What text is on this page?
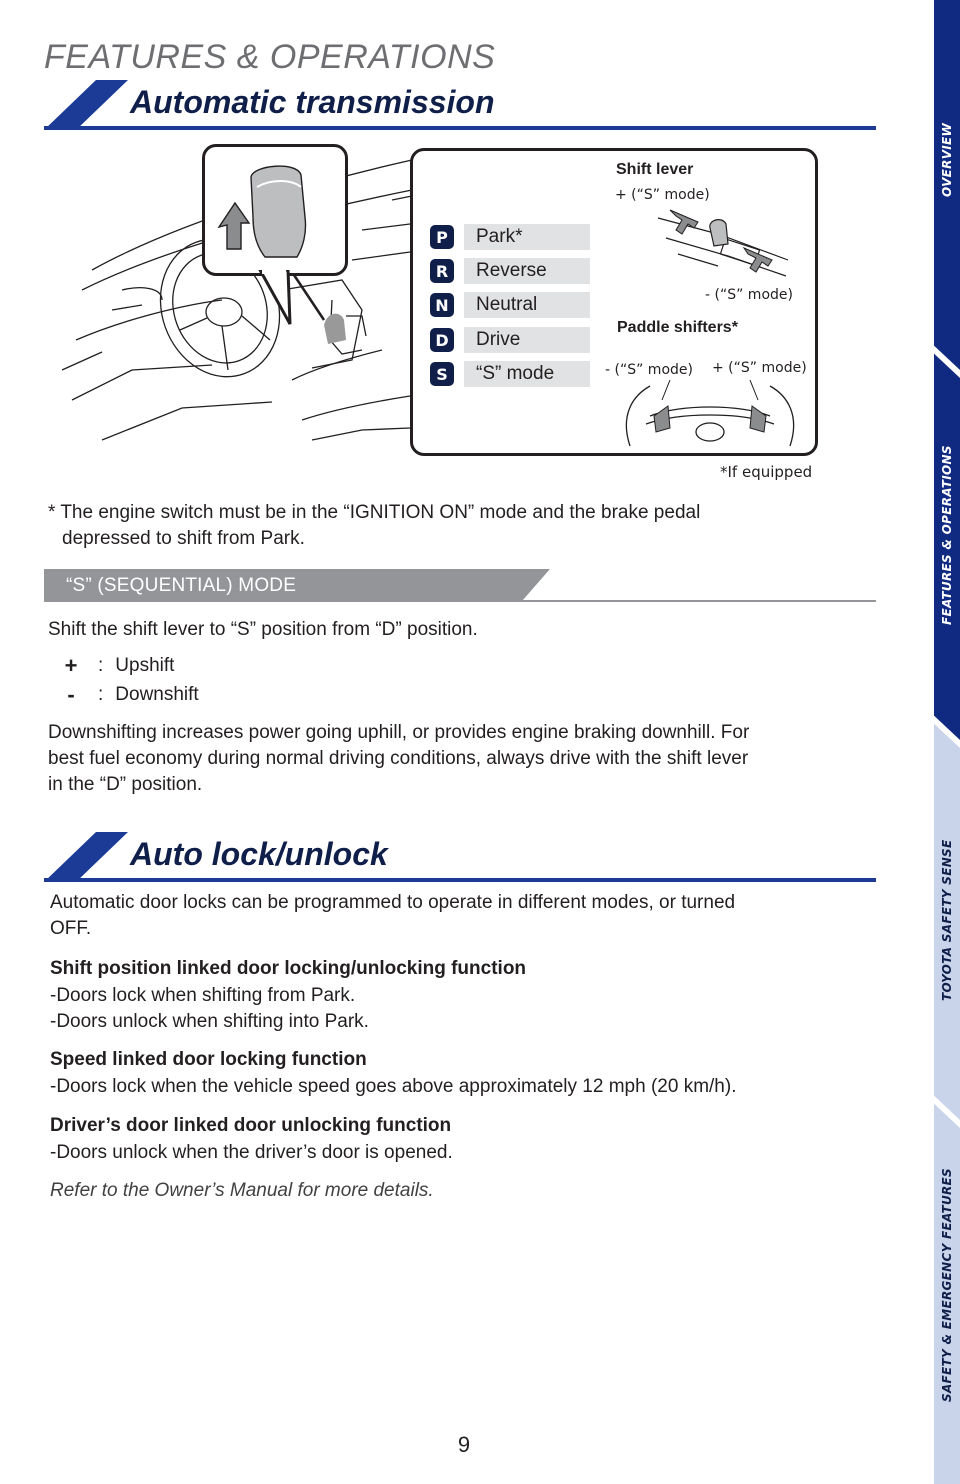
FEATURES & OPERATIONS
Automatic transmission
P	Park*
R	Reverse
N	Neutral
D	Drive
S	“S” mode
Shift lever
+ (“S” mode)
- (“S” mode)
Paddle shifters*
- (“S” mode) + (“S” mode)
*If equipped
* The engine switch must be in the “IGNITION ON” mode and the brake pedal
depressed to shift from Park.
“S” (SEQUENTIAL) MODE
Shift the shift lever to “S” position from “D” position.
+ : Upshift
-	: Downshift
Downshifting increases power going uphill, or provides engine braking downhill. For
best fuel economy during normal driving conditions, always drive with the shift lever
in the “D” position.
Auto lock/unlock
Automatic door locks can be programmed to operate in different modes, or turned
OFF.
Shift position linked door locking/unlocking function
-Doors lock when shifting from Park.
-Doors unlock when shifting into Park.
Speed linked door locking function
-Doors lock when the vehicle speed goes above approximately 12 mph (20 km/h).
Driver’s door linked door unlocking function
-Doors unlock when the driver’s door is opened.
Refer to the Owner’s Manual for more details.
9
OVERVIEW
FEATURES & OPERATIONS
TOYOTA SAFETY SENSE
SAFETY & EMERGENCY FEATURES
